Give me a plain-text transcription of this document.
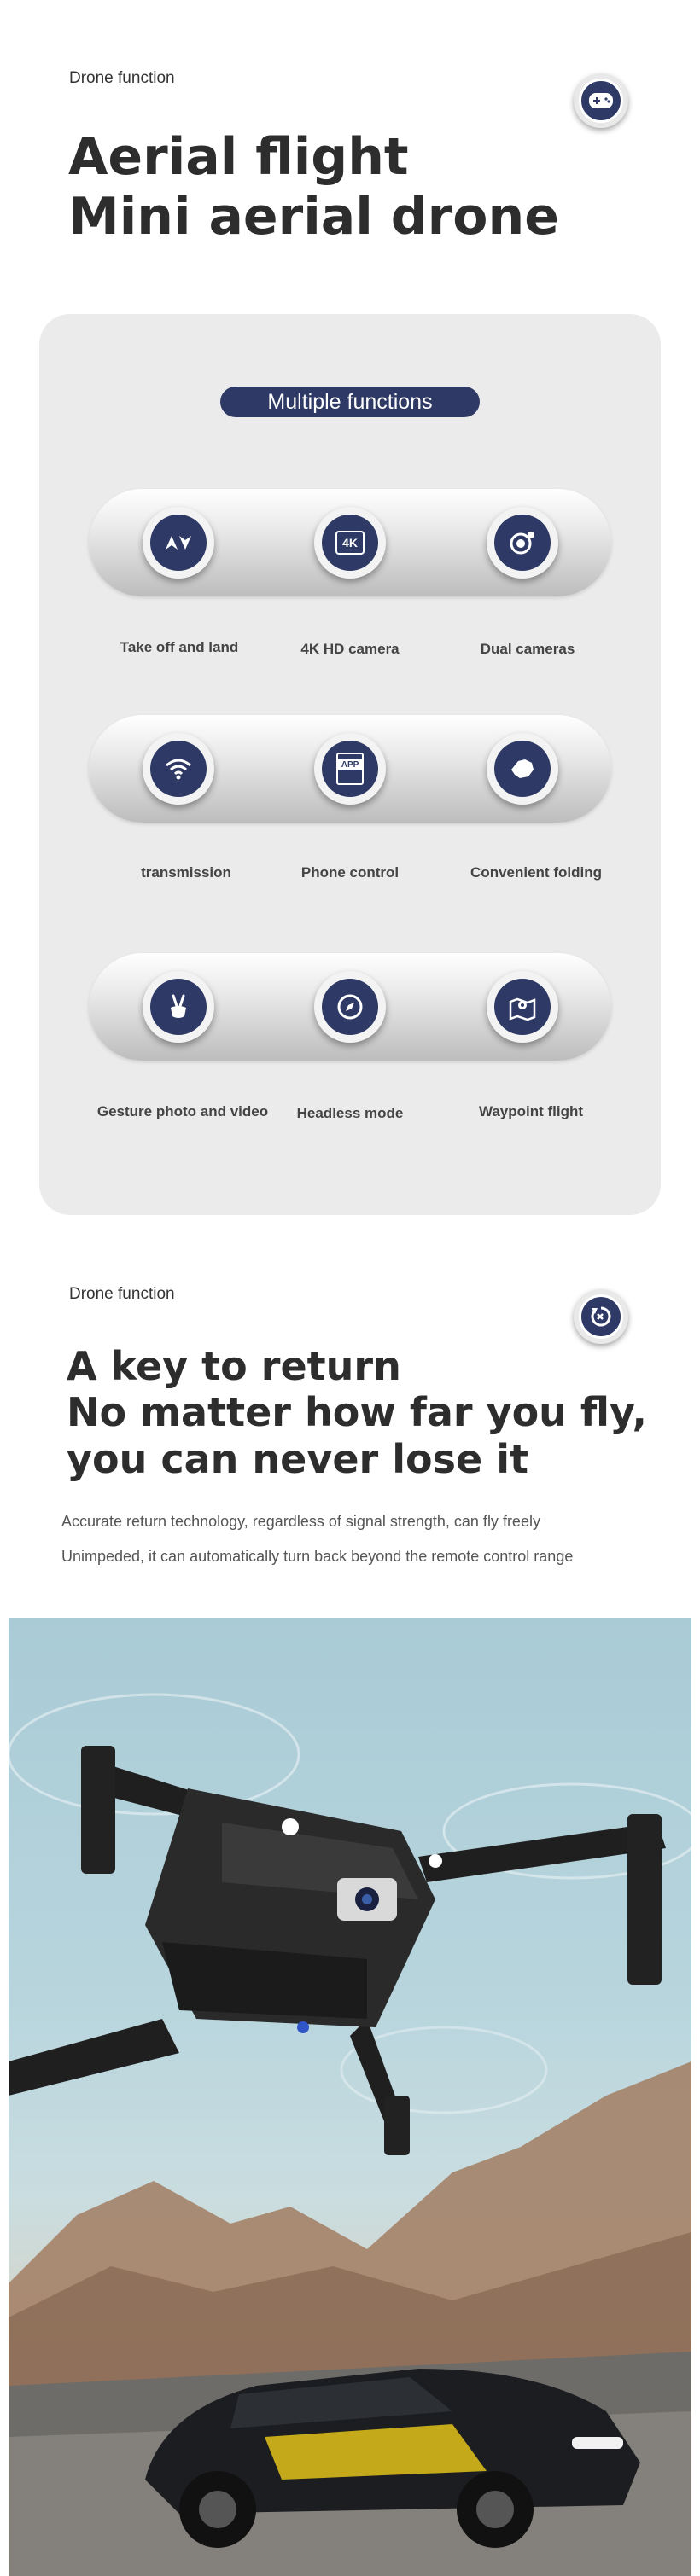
Drone function
Aerial flight
Mini aerial drone
Multiple functions
4K
Take off and land	4K HD camera	Dual cameras
APP
transmission	Phone control	Convenient folding
Gesture photo and video	Headless mode	Waypoint flight
Drone function
A key to return
No matter how far you fly,
you can never lose it
Accurate return technology, regardless of signal strength, can fly freely
Unimpeded, it can automatically turn back beyond the remote control range
